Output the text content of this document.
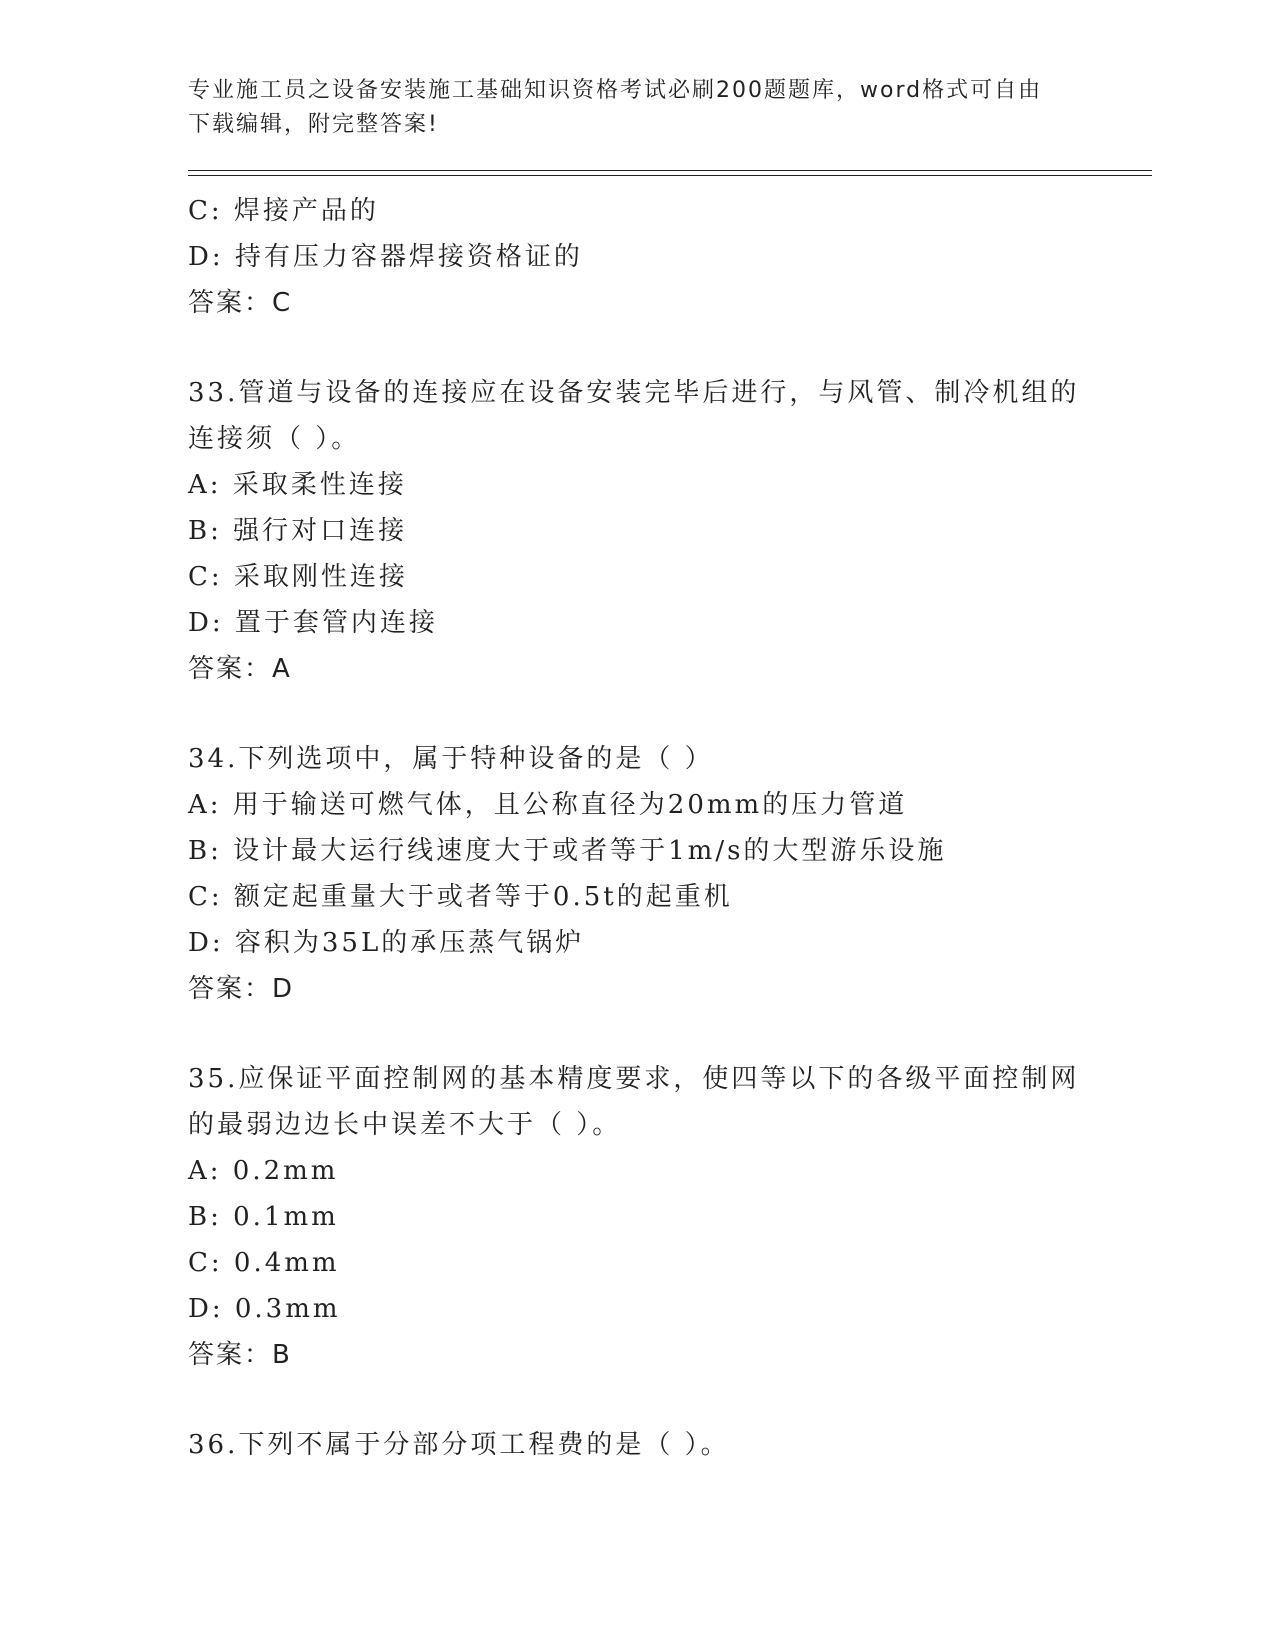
专业施工员之设备安装施工基础知识资格考试必刷200题题库，word格式可自由
下载编辑，附完整答案!
C: 焊接产品的
D: 持有压力容器焊接资格证的
答案：C
33.管道与设备的连接应在设备安装完毕后进行，与风管、制冷机组的
连接须（ ）。
A: 采取柔性连接
B: 强行对口连接
C: 采取刚性连接
D: 置于套管内连接
答案：A
34.下列选项中，属于特种设备的是（ ）
A: 用于输送可燃气体，且公称直径为20mm的压力管道
B: 设计最大运行线速度大于或者等于1m/s的大型游乐设施
C: 额定起重量大于或者等于0.5t的起重机
D: 容积为35L的承压蒸气锅炉
答案：D
35.应保证平面控制网的基本精度要求，使四等以下的各级平面控制网
的最弱边边长中误差不大于（ ）。
A: 0.2mm
B: 0.1mm
C: 0.4mm
D: 0.3mm
答案：B
36.下列不属于分部分项工程费的是（ ）。
